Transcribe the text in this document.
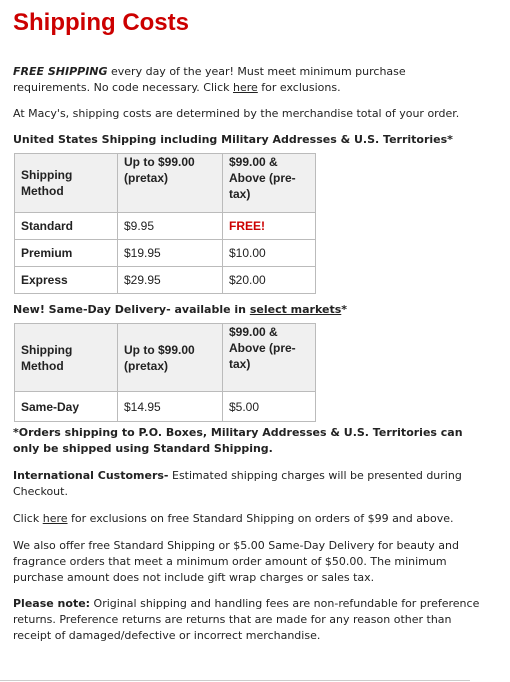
Shipping Costs

FREE SHIPPING every day of the year! Must meet minimum purchase requirements. No code necessary. Click here for exclusions.

At Macy's, shipping costs are determined by the merchandise total of your order.

United States Shipping including Military Addresses & U.S. Territories*

Shipping Method	Up to $99.00 (pretax)	$99.00 & Above (pre-tax)
Standard	$9.95	FREE!
Premium	$19.95	$10.00
Express	$29.95	$20.00

New! Same-Day Delivery- available in select markets*

Shipping Method	Up to $99.00 (pretax)	$99.00 & Above (pre-tax)
Same-Day	$14.95	$5.00

*Orders shipping to P.O. Boxes, Military Addresses & U.S. Territories can only be shipped using Standard Shipping.

International Customers- Estimated shipping charges will be presented during Checkout.

Click here for exclusions on free Standard Shipping on orders of $99 and above.

We also offer free Standard Shipping or $5.00 Same-Day Delivery for beauty and fragrance orders that meet a minimum order amount of $50.00. The minimum purchase amount does not include gift wrap charges or sales tax.

Please note: Original shipping and handling fees are non-refundable for preference returns. Preference returns are returns that are made for any reason other than receipt of damaged/defective or incorrect merchandise.
